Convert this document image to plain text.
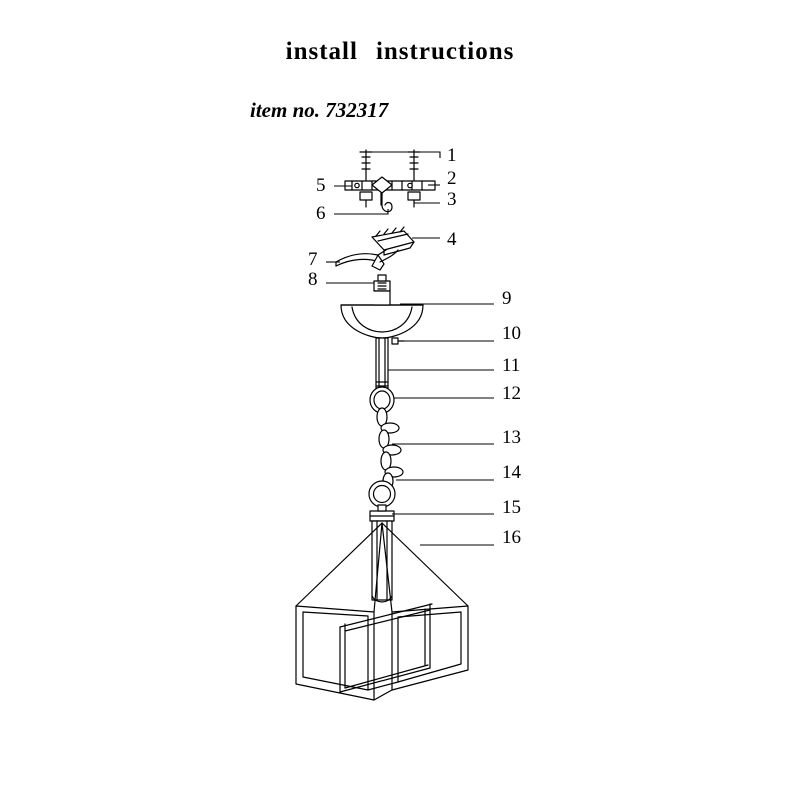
install instructions
item no. 732317
1
2
3
4
5
6
7
8
9
10
11
12
13
14
15
16
